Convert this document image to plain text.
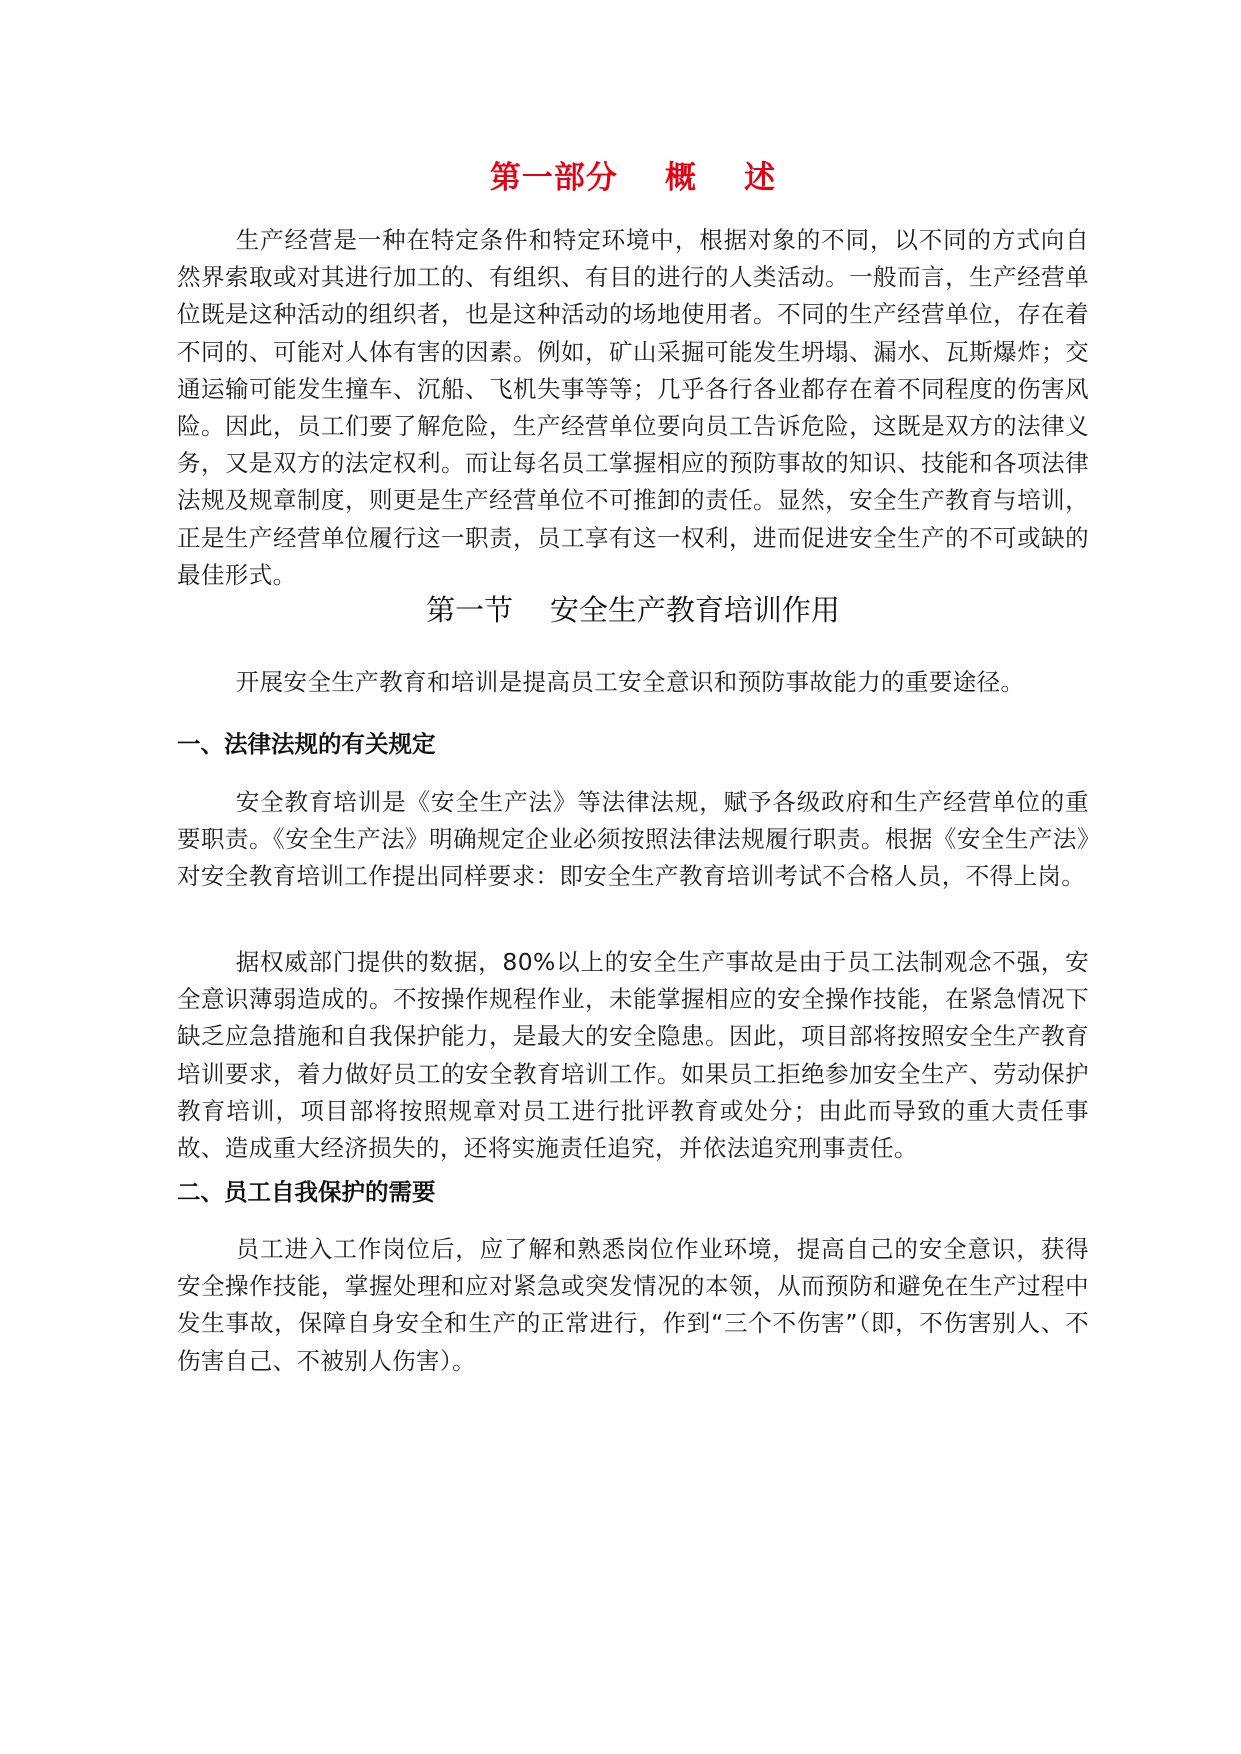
第一部分    概    述

生产经营是一种在特定条件和特定环境中，根据对象的不同，以不同的方式向自然界索取或对其进行加工的、有组织、有目的进行的人类活动。一般而言，生产经营单位既是这种活动的组织者，也是这种活动的场地使用者。不同的生产经营单位，存在着不同的、可能对人体有害的因素。例如，矿山采掘可能发生坍塌、漏水、瓦斯爆炸；交通运输可能发生撞车、沉船、飞机失事等等；几乎各行各业都存在着不同程度的伤害风险。因此，员工们要了解危险，生产经营单位要向员工告诉危险，这既是双方的法律义务，又是双方的法定权利。而让每名员工掌握相应的预防事故的知识、技能和各项法律法规及规章制度，则更是生产经营单位不可推卸的责任。显然，安全生产教育与培训，正是生产经营单位履行这一职责，员工享有这一权利，进而促进安全生产的不可或缺的最佳形式。

第一节    安全生产教育培训作用

开展安全生产教育和培训是提高员工安全意识和预防事故能力的重要途径。

一、法律法规的有关规定

安全教育培训是《安全生产法》等法律法规，赋予各级政府和生产经营单位的重要职责。《安全生产法》明确规定企业必须按照法律法规履行职责。根据《安全生产法》对安全教育培训工作提出同样要求：即安全生产教育培训考试不合格人员，不得上岗。

据权威部门提供的数据，80%以上的安全生产事故是由于员工法制观念不强，安全意识薄弱造成的。不按操作规程作业，未能掌握相应的安全操作技能，在紧急情况下缺乏应急措施和自我保护能力，是最大的安全隐患。因此，项目部将按照安全生产教育培训要求，着力做好员工的安全教育培训工作。如果员工拒绝参加安全生产、劳动保护教育培训，项目部将按照规章对员工进行批评教育或处分；由此而导致的重大责任事故、造成重大经济损失的，还将实施责任追究，并依法追究刑事责任。

二、员工自我保护的需要

员工进入工作岗位后，应了解和熟悉岗位作业环境，提高自己的安全意识，获得安全操作技能，掌握处理和应对紧急或突发情况的本领，从而预防和避免在生产过程中发生事故，保障自身安全和生产的正常进行，作到“三个不伤害”（即，不伤害别人、不伤害自己、不被别人伤害）。
